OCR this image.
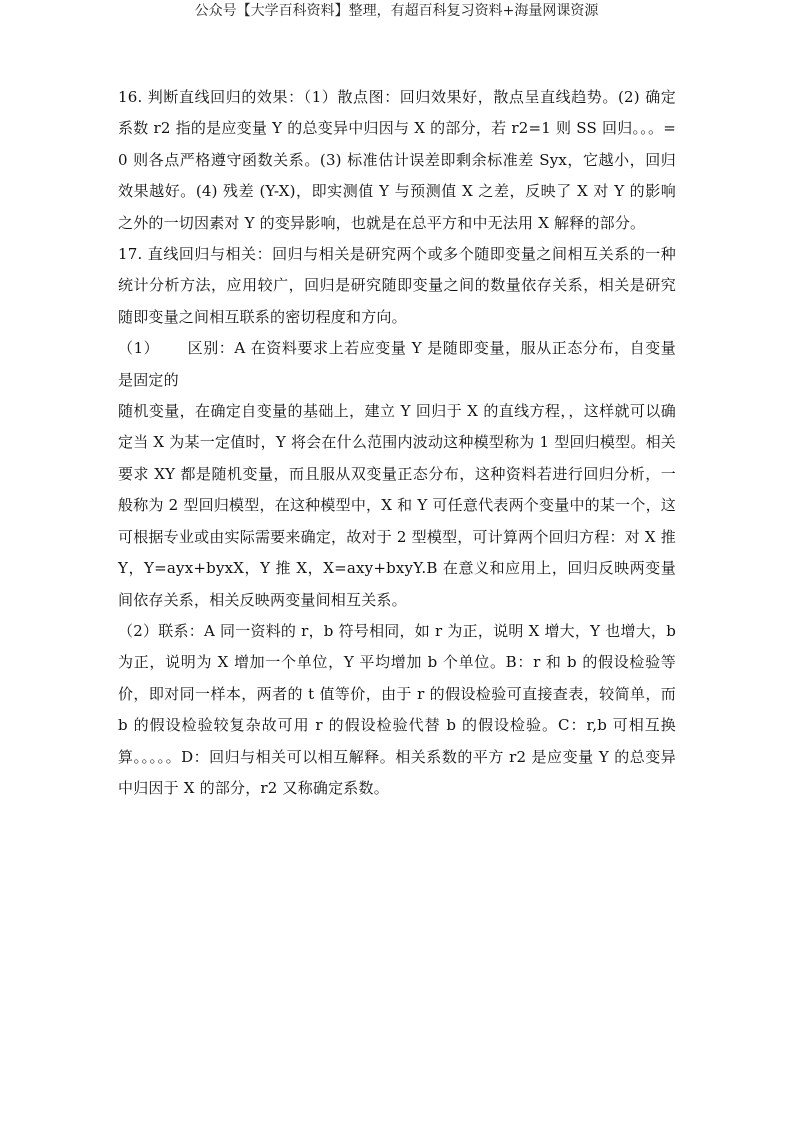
公众号【大学百科资料】整理，有超百科复习资料+海量网课资源

16. 判断直线回归的效果：（1）散点图：回归效果好，散点呈直线趋势。(2) 确定系数 r2 指的是应变量 Y 的总变异中归因与 X 的部分，若 r2=1 则 SS 回归。。。=0 则各点严格遵守函数关系。(3) 标准估计误差即剩余标准差 Syx，它越小，回归效果越好。(4) 残差 (Y-X)，即实测值 Y 与预测值 X 之差，反映了 X 对 Y 的影响之外的一切因素对 Y 的变异影响，也就是在总平方和中无法用 X 解释的部分。

17. 直线回归与相关：回归与相关是研究两个或多个随即变量之间相互关系的一种统计分析方法，应用较广，回归是研究随即变量之间的数量依存关系，相关是研究随即变量之间相互联系的密切程度和方向。

（1） 区别：A 在资料要求上若应变量 Y 是随即变量，服从正态分布，自变量是固定的

随机变量，在确定自变量的基础上，建立 Y 回归于 X 的直线方程，，这样就可以确定当 X 为某一定值时，Y 将会在什么范围内波动这种模型称为 1 型回归模型。相关要求 XY 都是随机变量，而且服从双变量正态分布，这种资料若进行回归分析，一般称为 2 型回归模型，在这种模型中，X 和 Y 可任意代表两个变量中的某一个，这可根据专业或由实际需要来确定，故对于 2 型模型，可计算两个回归方程：对 X 推 Y，Y=ayx+byxX，Y 推 X，X=axy+bxyY.B 在意义和应用上，回归反映两变量间依存关系，相关反映两变量间相互关系。

（2）联系：A 同一资料的 r，b 符号相同，如 r 为正，说明 X 增大，Y 也增大，b 为正，说明为 X 增加一个单位，Y 平均增加 b 个单位。B：r 和 b 的假设检验等价，即对同一样本，两者的 t 值等价，由于 r 的假设检验可直接查表，较简单，而 b 的假设检验较复杂故可用 r 的假设检验代替 b 的假设检验。C：r,b 可相互换算。。。。。D：回归与相关可以相互解释。相关系数的平方 r2 是应变量 Y 的总变异中归因于 X 的部分，r2 又称确定系数。
